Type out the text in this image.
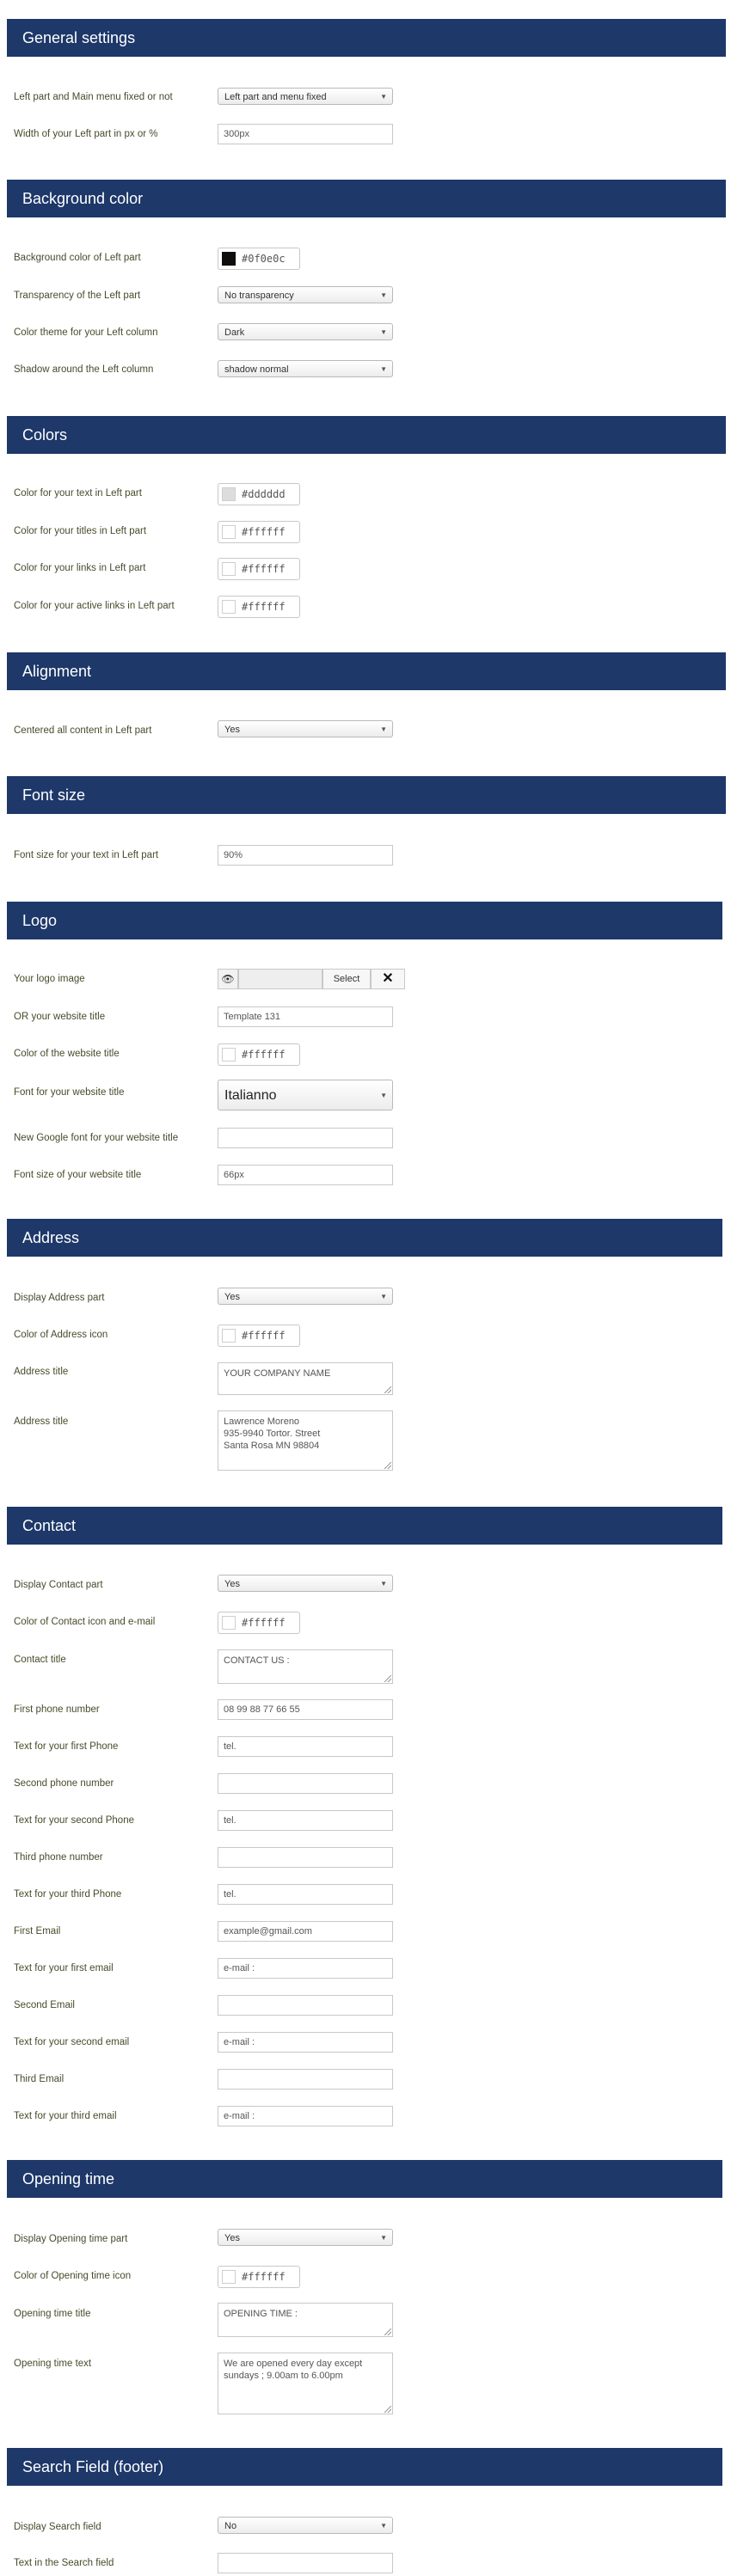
General settings
Left part and Main menu fixed or not	Left part and menu fixed	▼
Width of your Left part in px or %	300px
Background color
Background color of Left part	#0f0e0c
Transparency of the Left part	No transparency	▼
Color theme for your Left column	Dark	▼
Shadow around the Left column	shadow normal	▼
Colors
Color for your text in Left part	#dddddd
Color for your titles in Left part	#ffffff
Color for your links in Left part	#ffffff
Color for your active links in Left part	#ffffff
Alignment
Centered all content in Left part	Yes	▼
Font size
Font size for your text in Left part	90%
Logo
Your logo image	👁	Select	✕
OR your website title	Template 131
Color of the website title	#ffffff
Font for your website title	Italianno	▼
New Google font for your website title
Font size of your website title	66px
Address
Display Address part	Yes	▼
Color of Address icon	#ffffff
Address title	YOUR COMPANY NAME
Address title	Lawrence Moreno
935-9940 Tortor. Street
Santa Rosa MN 98804
Contact
Display Contact part	Yes	▼
Color of Contact icon and e-mail	#ffffff
Contact title	CONTACT US :
First phone number	08 99 88 77 66 55
Text for your first Phone	tel.
Second phone number
Text for your second Phone	tel.
Third phone number
Text for your third Phone	tel.
First Email	example@gmail.com
Text for your first email	e-mail :
Second Email
Text for your second email	e-mail :
Third Email
Text for your third email	e-mail :
Opening time
Display Opening time part	Yes	▼
Color of Opening time icon	#ffffff
Opening time title	OPENING TIME :
Opening time text	We are opened every day except sundays ; 9.00am to 6.00pm
Search Field (footer)
Display Search field	No	▼
Text in the Search field
